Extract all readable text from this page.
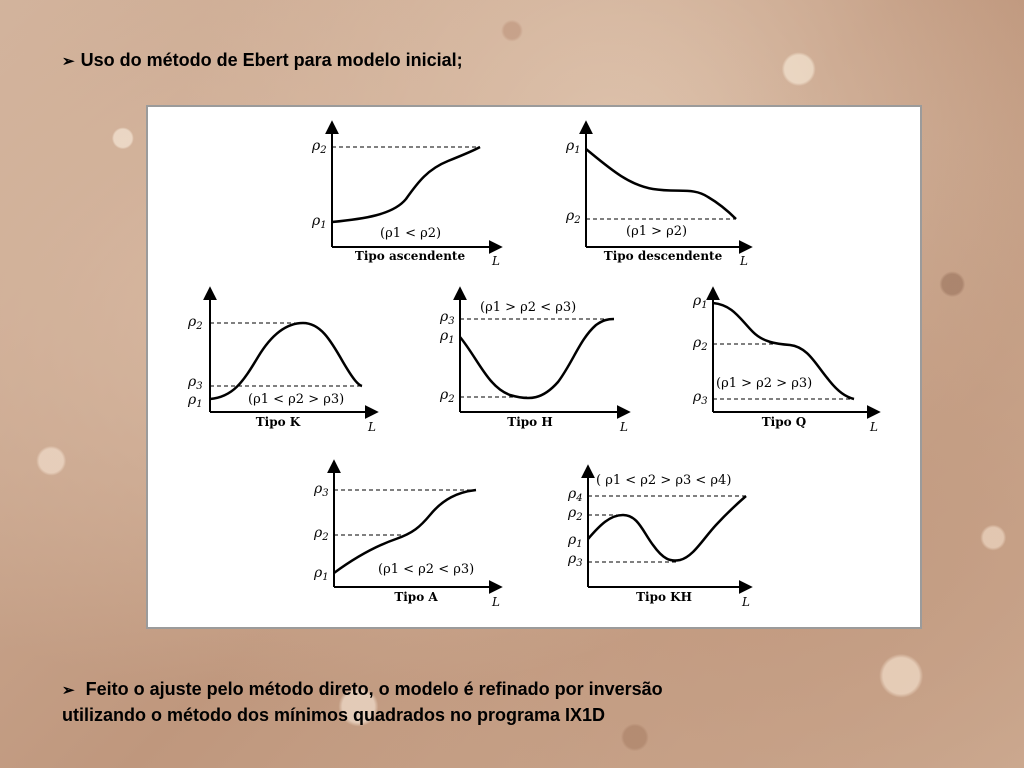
➢ Uso do método de Ebert para modelo inicial;
$\rho_2$
$\rho_1$
(ρ1 < ρ2)
Tipo ascendente L
$\rho_1$
$\rho_2$
(ρ1 > ρ2)
Tipo descendente L
$\rho_2$
$\rho_3$
$\rho_1$	(ρ1 < ρ2 > ρ3)
Tipo K	L
$\rho_3$
$\rho_1$
$\rho_2$
(ρ1 > ρ2 < ρ3)
Tipo H	L
$\rho_1$
$\rho_2$
$\rho_3$
(ρ1 > ρ2 > ρ3)
Tipo Q	L
$\rho_3$
$\rho_2$
$\rho_1$
(ρ1 < ρ2 < ρ3)
Tipo A	L
$\rho_4$
$\rho_2$
$\rho_1$
$\rho_3$
( ρ1 < ρ2 > ρ3 < ρ4)
Tipo KH	L
➢ Feito o ajuste pelo método direto, o modelo é refinado por inversão
utilizando o método dos mínimos quadrados no programa IX1D
